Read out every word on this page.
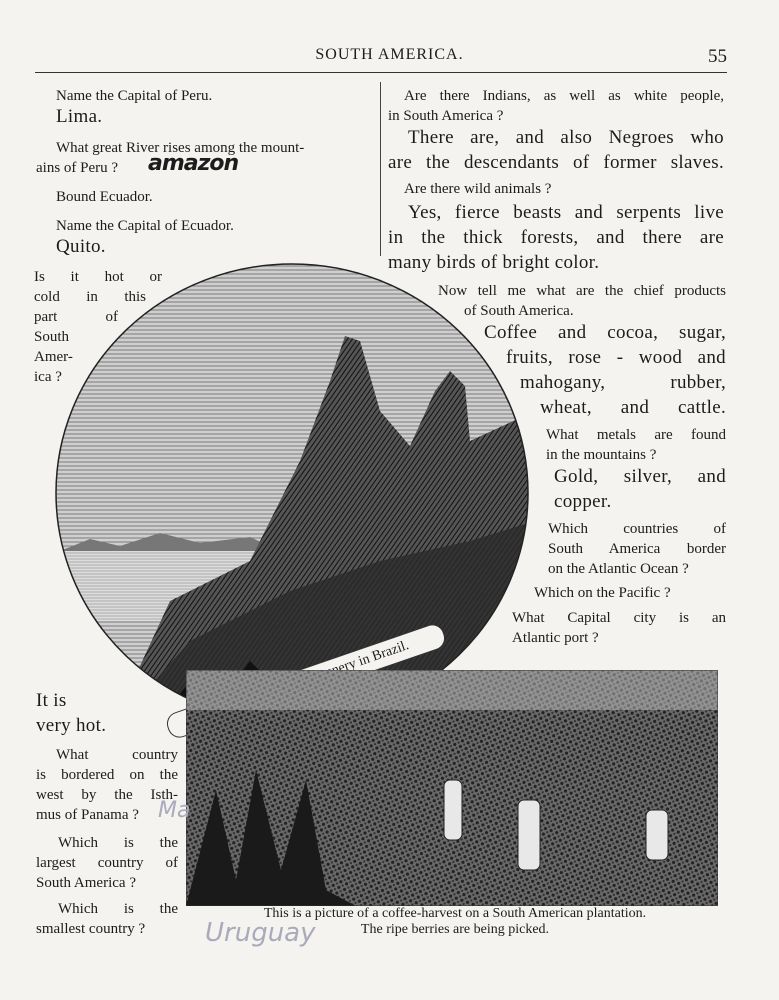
SOUTH AMERICA.	55
Name the Capital of Peru.
Lima.
What great River rises among the mount-
ains of Peru ? amazon
Bound Ecuador.
Name the Capital of Ecuador.
Quito.
Is it hot or
cold in this
part of
South
Amer-
ica ?
Are there Indians, as well as white people,
in South America ?
There are, and also Negroes who
are the descendants of former slaves.
Are there wild animals ?
Yes, fierce beasts and serpents live
in the thick forests, and there are
many birds of bright color.
Now tell me what are the chief products
of South America.
Coffee and cocoa, sugar,
fruits, rose - wood and
mahogany, rubber,
wheat, and cattle.
What metals are found
in the mountains ?
Gold, silver, and
copper.
Which countries of
South America border
on the Atlantic Ocean ?
Which on the Pacific ?
What Capital city is an
Atlantic port ?
This is a picture of a coffee-harvest on a South American plantation.
The ripe berries are being picked.
It is
very hot.
What country
is bordered on the
west by the Isth-
mus of Panama ? Ma
Which is the
largest country of
South America ?
Which is the
smallest country ?	Uruguay
